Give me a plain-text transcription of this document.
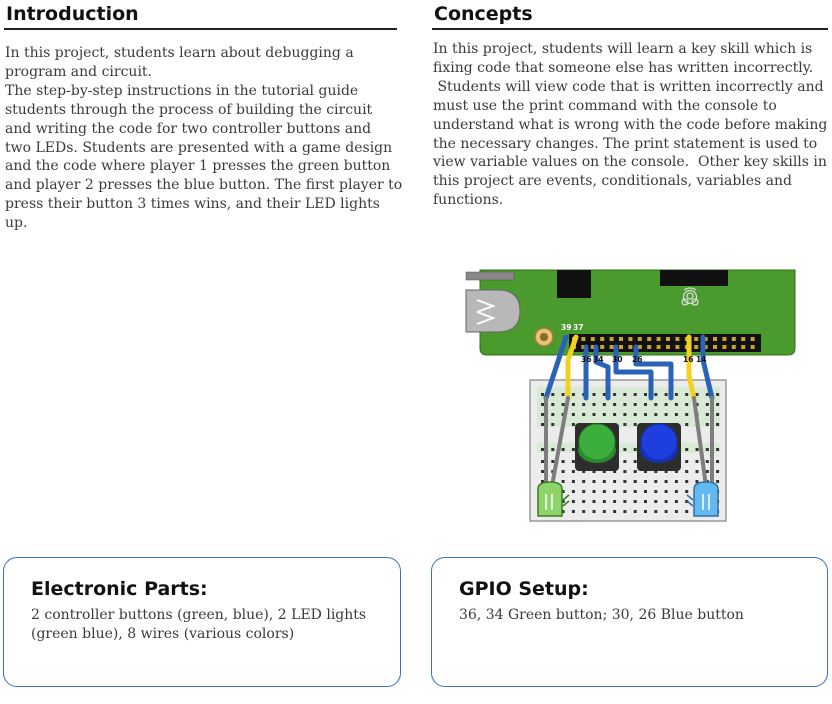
Introduction

In this project, students learn about debugging a
program and circuit.
The step-by-step instructions in the tutorial guide
students through the process of building the circuit
and writing the code for two controller buttons and
two LEDs. Students are presented with a game design
and the code where player 1 presses the green button
and player 2 presses the blue button. The first player to
press their button 3 times wins, and their LED lights
up.

Concepts

In this project, students will learn a key skill which is
fixing code that someone else has written incorrectly.
Students will view code that is written incorrectly and
must use the print command with the console to
understand what is wrong with the code before making
the necessary changes. The print statement is used to
view variable values on the console.  Other key skills in
this project are events, conditionals, variables and
functions.

39 37
36 34 30 26	16 14
Electronic Parts:

2 controller buttons (green, blue), 2 LED lights (green blue), 8 wires (various colors)

GPIO Setup:

36, 34 Green button; 30, 26 Blue button
